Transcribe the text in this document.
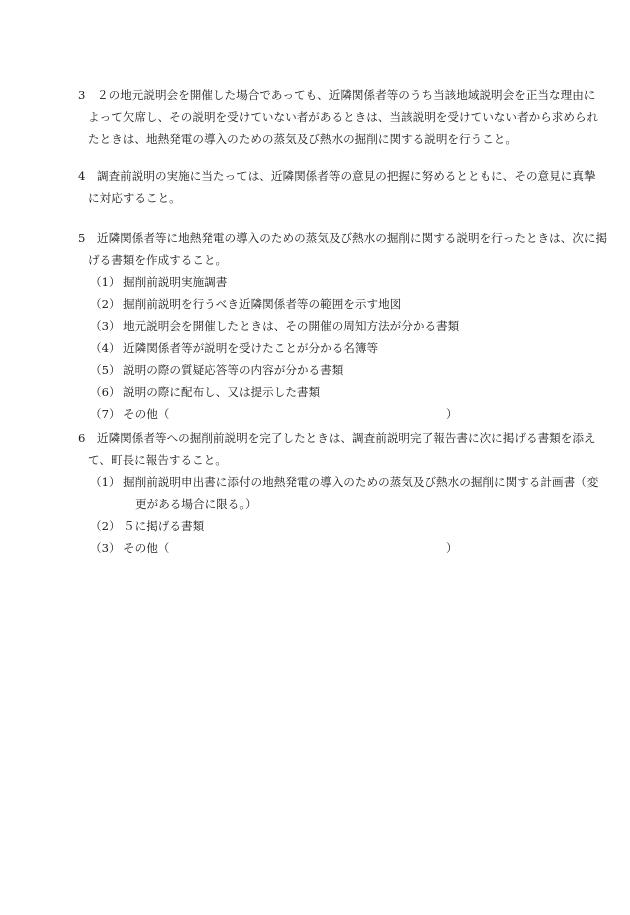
3　２の地元説明会を開催した場合であっても、近隣関係者等のうち当該地域説明会を正当な理由に
よって欠席し、その説明を受けていない者があるときは、当該説明を受けていない者から求められ
たときは、地熱発電の導入のための蒸気及び熱水の掘削に関する説明を行うこと。
4　調査前説明の実施に当たっては、近隣関係者等の意見の把握に努めるとともに、その意見に真摯
に対応すること。
5　近隣関係者等に地熱発電の導入のための蒸気及び熱水の掘削に関する説明を行ったときは、次に掲
げる書類を作成すること。
（1） 掘削前説明実施調書
（2） 掘削前説明を行うべき近隣関係者等の範囲を示す地図
（3） 地元説明会を開催したときは、その開催の周知方法が分かる書類
（4） 近隣関係者等が説明を受けたことが分かる名簿等
（5） 説明の際の質疑応答等の内容が分かる書類
（6） 説明の際に配布し、又は提示した書類
（7） その他（	）
6　近隣関係者等への掘削前説明を完了したときは、調査前説明完了報告書に次に掲げる書類を添え
て、町長に報告すること。
（1） 掘削前説明申出書に添付の地熱発電の導入のための蒸気及び熱水の掘削に関する計画書（変
更がある場合に限る。）
（2） ５に掲げる書類
（3） その他（	）
